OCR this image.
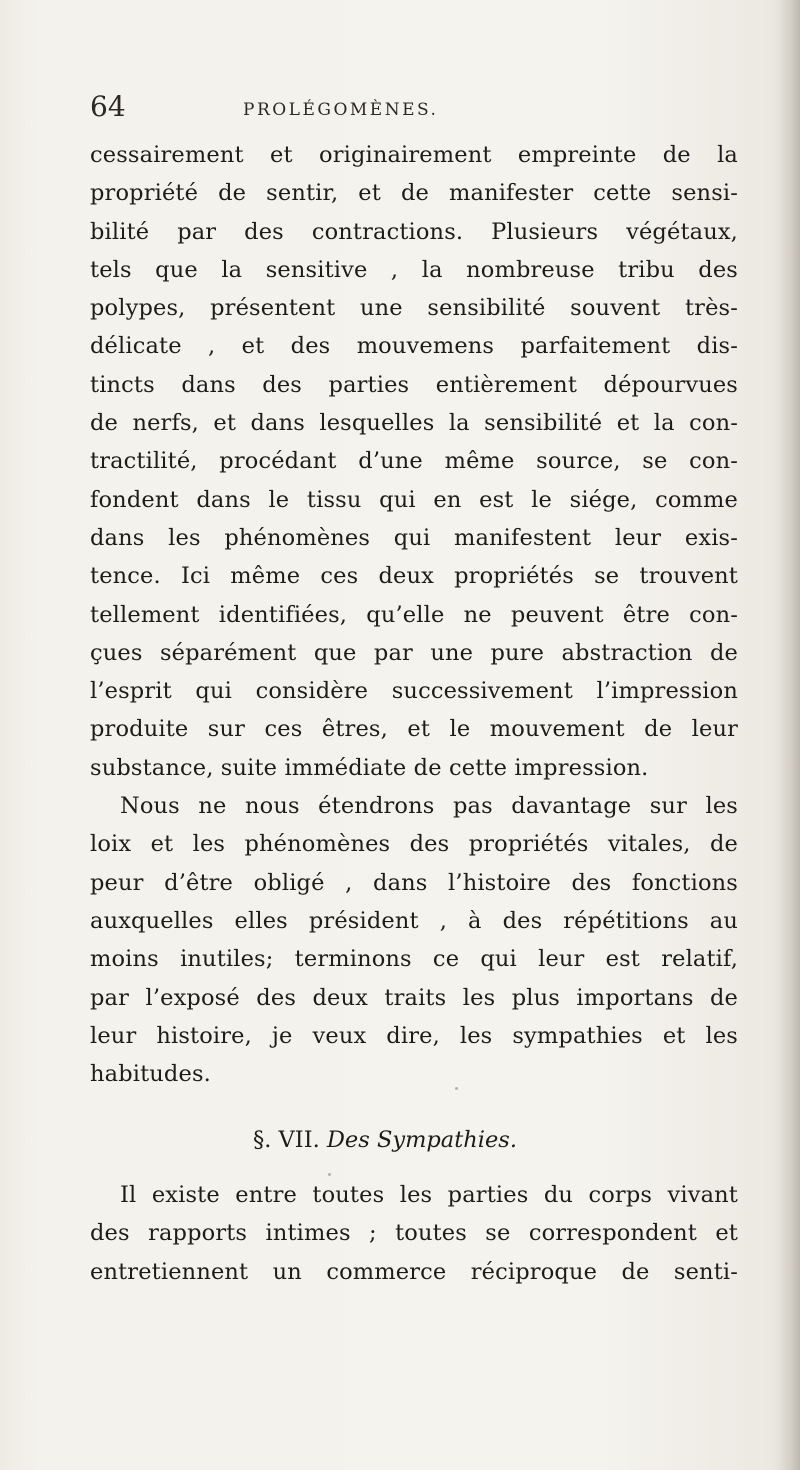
64	PROLÉGOMÈNES.
cessairement et originairement empreinte de la
propriété de sentir, et de manifester cette sensi-
bilité par des contractions. Plusieurs végétaux,
tels que la sensitive , la nombreuse tribu des
polypes, présentent une sensibilité souvent très-
délicate , et des mouvemens parfaitement dis-
tincts dans des parties entièrement dépourvues
de nerfs, et dans lesquelles la sensibilité et la con-
tractilité, procédant d’une même source, se con-
fondent dans le tissu qui en est le siége, comme
dans les phénomènes qui manifestent leur exis-
tence. Ici même ces deux propriétés se trouvent
tellement identifiées, qu’elle ne peuvent être con-
çues séparément que par une pure abstraction de
l’esprit qui considère successivement l’impression
produite sur ces êtres, et le mouvement de leur
substance, suite immédiate de cette impression.
Nous ne nous étendrons pas davantage sur les
loix et les phénomènes des propriétés vitales, de
peur d’être obligé , dans l’histoire des fonctions
auxquelles elles président , à des répétitions au
moins inutiles; terminons ce qui leur est relatif,
par l’exposé des deux traits les plus importans de
leur histoire, je veux dire, les sympathies et les
habitudes.
§. VII. Des Sympathies.
Il existe entre toutes les parties du corps vivant
des rapports intimes ; toutes se correspondent et
entretiennent un commerce réciproque de senti-
